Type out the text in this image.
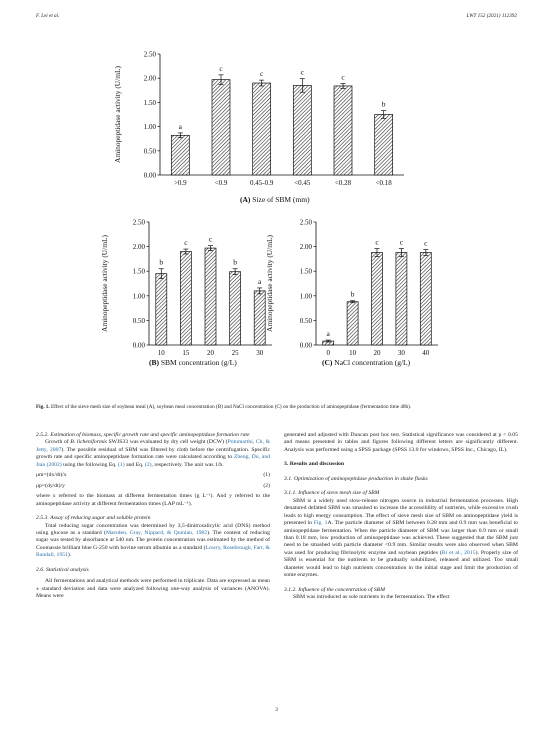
F. Lei et al.	LWT 152 (2021) 112392
0.00
0.50
1.00
1.50
2.00
2.50
Aminopeptidase activity (U/mL)	a
>0.9
c
<0.9
c
0.45-0.9
c
<0.45
c
<0.28
b
<0.18
(A) Size of SBM (mm)
0.00
0.50
1.00
1.50
2.00
2.50
Aminopeptidase activity (U/mL)	b
10
c
15
c
20
b
25
a
30
(B) SBM concentration (g/L)
0.00
0.50
1.00
1.50
2.00
2.50
Aminopeptidase activity (U/mL)
a
0
b
10
c
20
c
30
c
40
(C) NaCl concentration (g/L)
Fig. 1. Effect of the sieve mesh size of soybean meal (A), soybean meal concentration (B) and NaCl concentration (C) on the production of aminopeptidase (fermentation time 48h).

2.5.2. Estimation of biomass, specific growth rate and specific aminopeptidase formation rate

Growth of B. licheniformis SWJS33 was evaluated by dry cell weight (DCW) (Potumarthi, Ch, & Jetty, 2007). The possible residual of SBM was filtered by cloth before the centrifugation. Specific growth rate and specific aminopeptidase formation rate were calculated according to Zheng, Du, and Jian (2002) using the following Eq. (1) and Eq. (2), respectively. The unit was 1/h.

μm=(dx/dt)/x	(1)
μp=(dy/dt)/y	(2)

where x referred to the biomass at different fermentation times (g L⁻¹). And y referred to the aminopeptidase activity at different fermentation times (LAP mL⁻¹).

2.5.3. Assay of reducing sugar and soluble protein

Total reducing sugar concentration was determined by 3,5-dinitrosalicylic acid (DNS) method using glucose as a standard (Marsden, Gray, Nippard, & Quinlan, 1982). The content of reducing sugar was tested by absorbance at 540 nm. The protein concentration was estimated by the method of Coomassie brilliant blue G-250 with bovine serum albumin as a standard (Lowry, Rosebrough, Farr, & Randall, 1951).

2.6. Statistical analysis

All fermentations and analytical methods were performed in triplicate. Data are expressed as mean ± standard deviation and data were analyzed following one-way analysis of variances (ANOVA). Means were

generated and adjusted with Duncan post hoc test. Statistical significance was considered at p < 0.05 and means presented in tables and figures following different letters are significantly different. Analysis was performed using a SPSS package (SPSS 13.0 for windows, SPSS Inc., Chicago, IL).

3. Results and discussion

3.1. Optimization of aminopeptidase production in shake flasks

3.1.1. Influence of sieve mesh size of SBM

SBM is a widely used slow-release nitrogen source in industrial fermentation processes. High denatured defatted SBM was smashed to increase the accessibility of nutrients, while excessive crush leads to high energy consumption. The effect of sieve mesh size of SBM on aminopeptidase yield is presented in Fig. 1A. The particle diameter of SBM between 0.28 mm and 0.9 mm was beneficial to aminopeptidase fermentation. When the particle diameter of SBM was larger than 0.9 mm or small than 0.18 mm, low production of aminopeptidase was achieved. These suggested that the SBM just need to be smashed with particle diameter <0.9 mm. Similar results were also observed when SBM was used for producing fibrinolytic enzyme and soybean peptides (Bi et al., 2015). Properly size of SBM is essential for the nutrients to be gradually solubilized, released and utilized. Too small diameter would lead to high nutrients concentration in the initial stage and limit the production of some enzymes.

3.1.2. Influence of the concentration of SBM

SBM was introduced as sole nutrients in the fermentation. The effect

3
